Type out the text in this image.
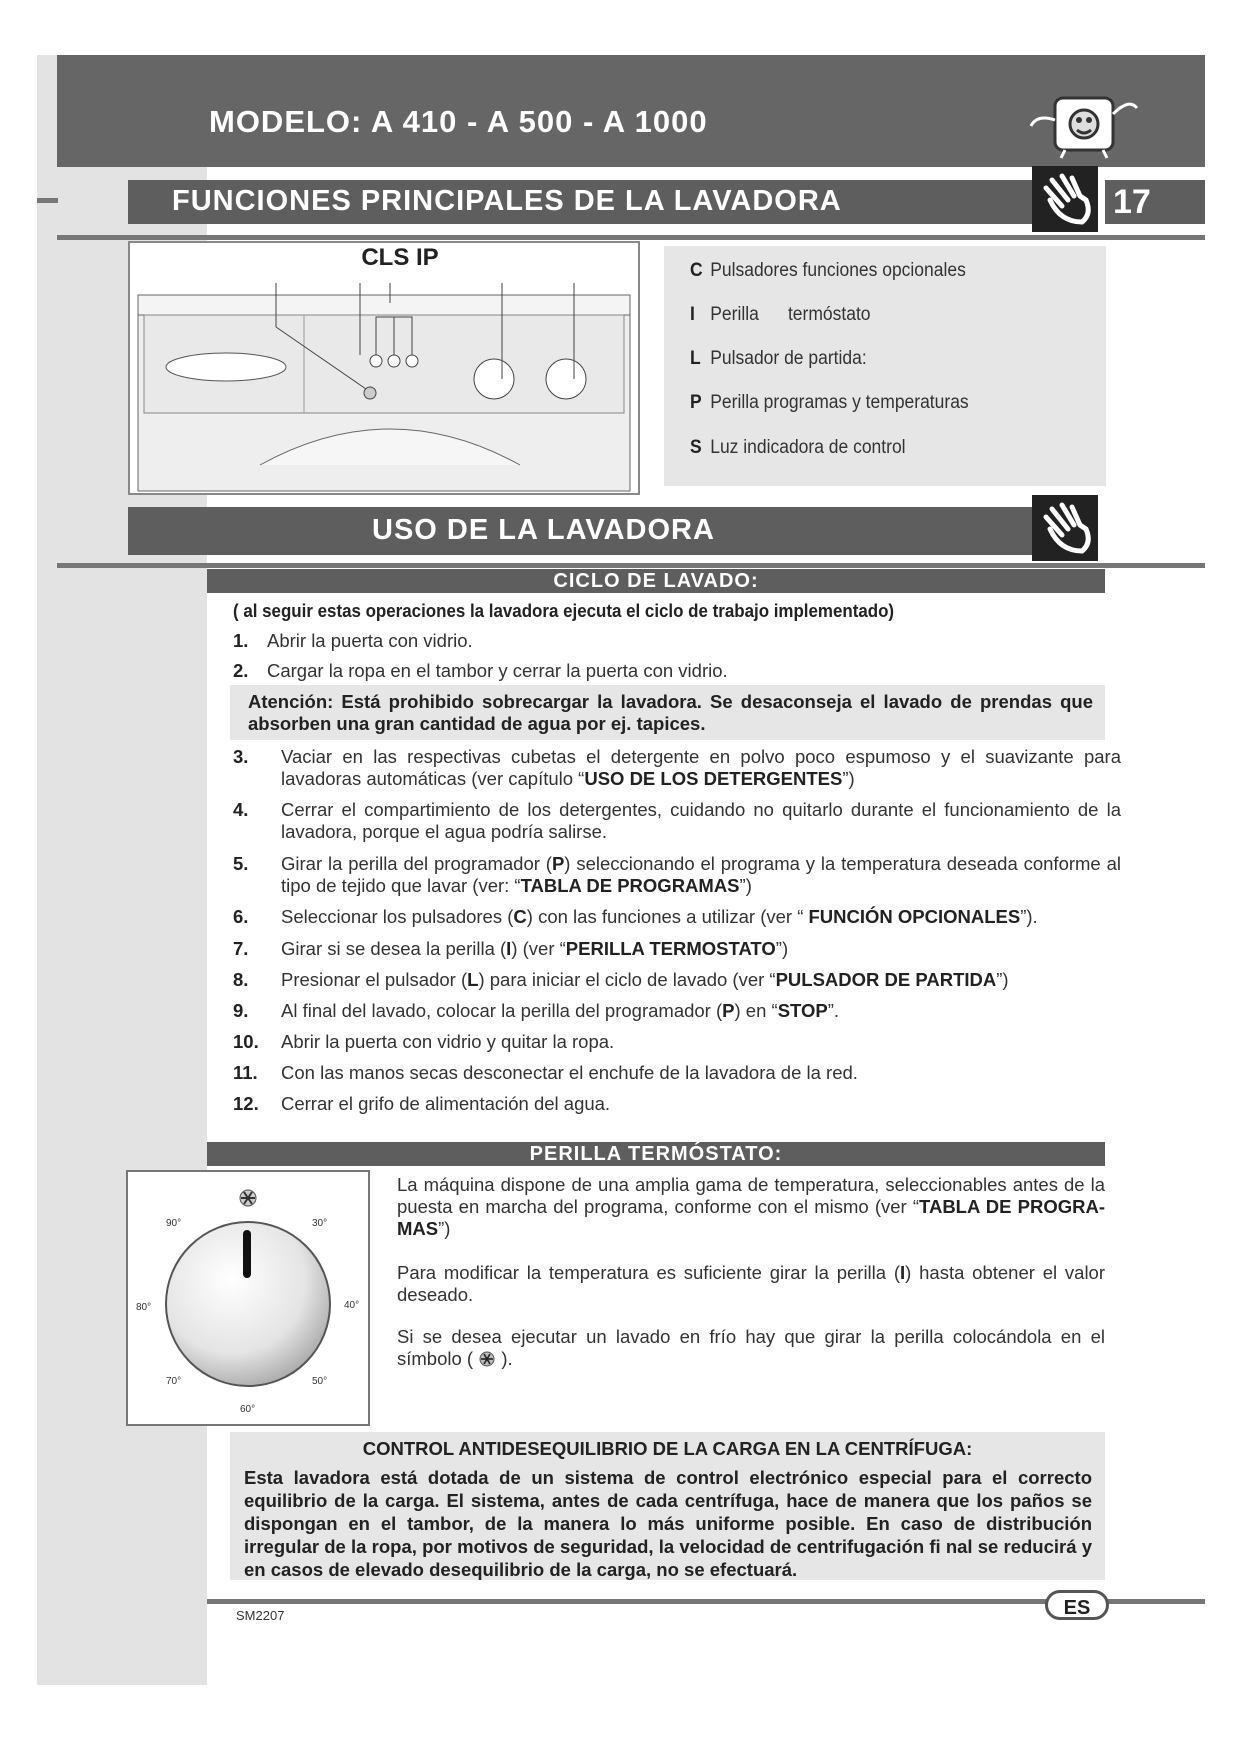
MODELO: A 410 - A 500 - A 1000
FUNCIONES PRINCIPALES DE LA LAVADORA	17
CLS IP	C Pulsadores funciones opcionales
I Perilla      termóstato
L Pulsador de partida:
P Perilla programas y temperaturas
S Luz indicadora de control
USO DE LA LAVADORA
CICLO DE LAVADO:
( al seguir estas operaciones la lavadora ejecuta el ciclo de trabajo implementado)
1. Abrir la puerta con vidrio.
2. Cargar la ropa en el tambor y cerrar la puerta con vidrio.
Atención: Está prohibido sobrecargar la lavadora. Se desaconseja el lavado de prendas que absorben una gran cantidad de agua por ej. tapices.
3. Vaciar en las respectivas cubetas el detergente en polvo poco espumoso y el suavizante para lavadoras automáticas (ver capítulo “USO DE LOS DETERGENTES”)
4. Cerrar el compartimiento de los detergentes, cuidando no quitarlo durante el funcionamiento de la lavadora, porque el agua podría salirse.
5. Girar la perilla del programador (P) seleccionando el programa y la temperatura deseada conforme al tipo de tejido que lavar (ver: “TABLA DE PROGRAMAS”)
6. Seleccionar los pulsadores (C) con las funciones a utilizar (ver “ FUNCIÓN OPCIONALES”).
7. Girar si se desea la perilla (I) (ver “PERILLA TERMOSTATO”)
8. Presionar el pulsador (L) para iniciar el ciclo de lavado (ver “PULSADOR DE PARTIDA”)
9. Al final del lavado, colocar la perilla del programador (P) en “STOP”.
10. Abrir la puerta con vidrio y quitar la ropa.
11. Con las manos secas desconectar el enchufe de la lavadora de la red.
12. Cerrar el grifo de alimentación del agua.
PERILLA TERMÓSTATO:
90°	30°
80°	40°
70°	50°
60°
La máquina dispone de una amplia gama de temperatura, seleccionables antes de la puesta en marcha del programa, conforme con el mismo (ver “TABLA DE PROGRA-MAS”)
Para modificar la temperatura es suficiente girar la perilla (I) hasta obtener el valor deseado.
Si se desea ejecutar un lavado en frío hay que girar la perilla colocándola en el símbolo (  ).
CONTROL ANTIDESEQUILIBRIO DE LA CARGA EN LA CENTRÍFUGA:
Esta lavadora está dotada de un sistema de control electrónico especial para el correcto equilibrio de la carga. El sistema, antes de cada centrífuga, hace de manera que los paños se dispongan en el tambor, de la manera lo más uniforme posible. En caso de distribución irregular de la ropa, por motivos de seguridad, la velocidad de centrifugación fi nal se reducirá y en casos de elevado desequilibrio de la carga, no se efectuará.
SM2207	ES
